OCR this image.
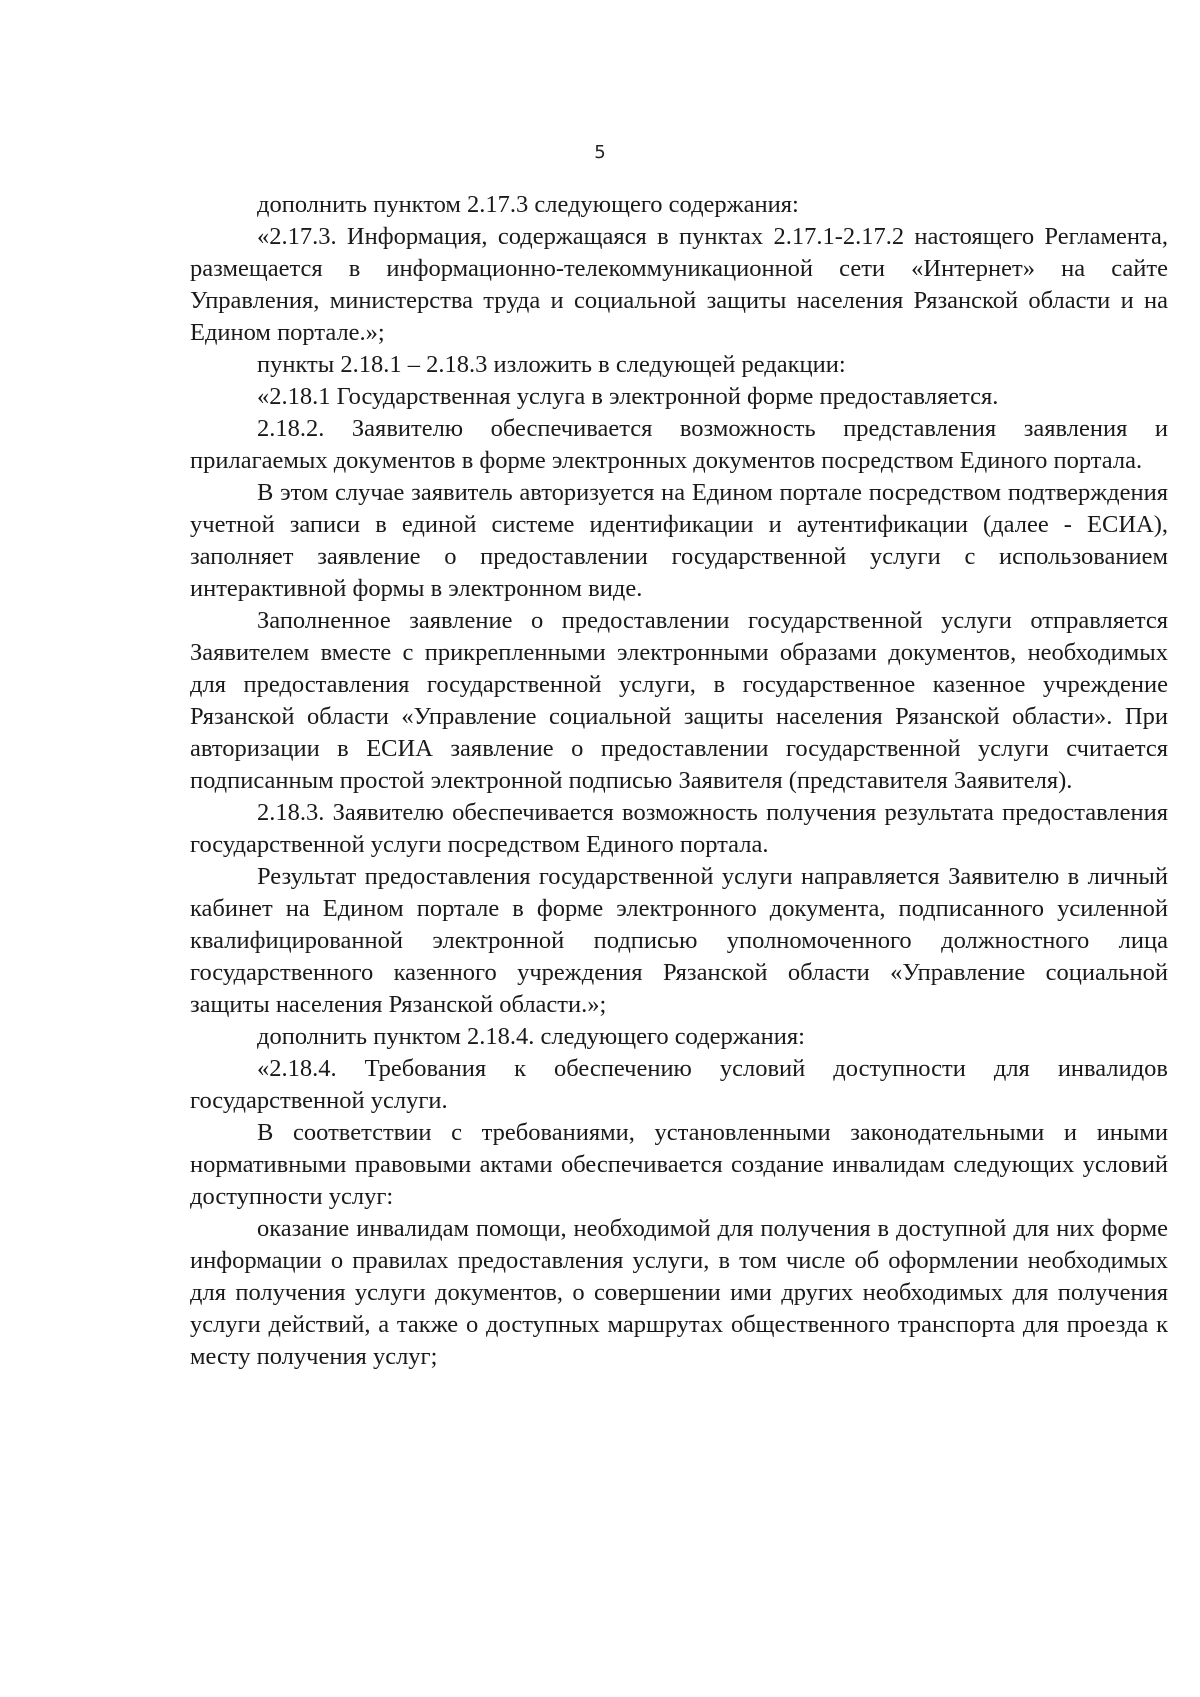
5

дополнить пунктом 2.17.3 следующего содержания:

«2.17.3. Информация, содержащаяся в пунктах 2.17.1-2.17.2 настоящего Регламента, размещается в информационно-телекоммуникационной сети «Интернет» на сайте Управления, министерства труда и социальной защиты населения Рязанской области и на Едином портале.»;

пункты 2.18.1 – 2.18.3 изложить в следующей редакции:

«2.18.1 Государственная услуга в электронной форме предоставляется.

2.18.2. Заявителю обеспечивается возможность представления заявления и прилагаемых документов в форме электронных документов посредством Единого портала.

В этом случае заявитель авторизуется на Едином портале посредством подтверждения учетной записи в единой системе идентификации и аутентификации (далее - ЕСИА), заполняет заявление о предоставлении государственной услуги с использованием интерактивной формы в электронном виде.

Заполненное заявление о предоставлении государственной услуги отправляется Заявителем вместе с прикрепленными электронными образами документов, необходимых для предоставления государственной услуги, в государственное казенное учреждение Рязанской области «Управление социальной защиты населения Рязанской области». При авторизации в ЕСИА заявление о предоставлении государственной услуги считается подписанным простой электронной подписью Заявителя (представителя Заявителя).

2.18.3. Заявителю обеспечивается возможность получения результата предоставления государственной услуги посредством Единого портала.

Результат предоставления государственной услуги направляется Заявителю в личный кабинет на Едином портале в форме электронного документа, подписанного усиленной квалифицированной электронной подписью уполномоченного должностного лица государственного казенного учреждения Рязанской области «Управление социальной защиты населения Рязанской области.»;

дополнить пунктом 2.18.4. следующего содержания:

«2.18.4. Требования к обеспечению условий доступности для инвалидов государственной услуги.

В соответствии с требованиями, установленными законодательными и иными нормативными правовыми актами обеспечивается создание инвалидам следующих условий доступности услуг:

оказание инвалидам помощи, необходимой для получения в доступной для них форме информации о правилах предоставления услуги, в том числе об оформлении необходимых для получения услуги документов, о совершении ими других необходимых для получения услуги действий, а также о доступных маршрутах общественного транспорта для проезда к месту получения услуг;
